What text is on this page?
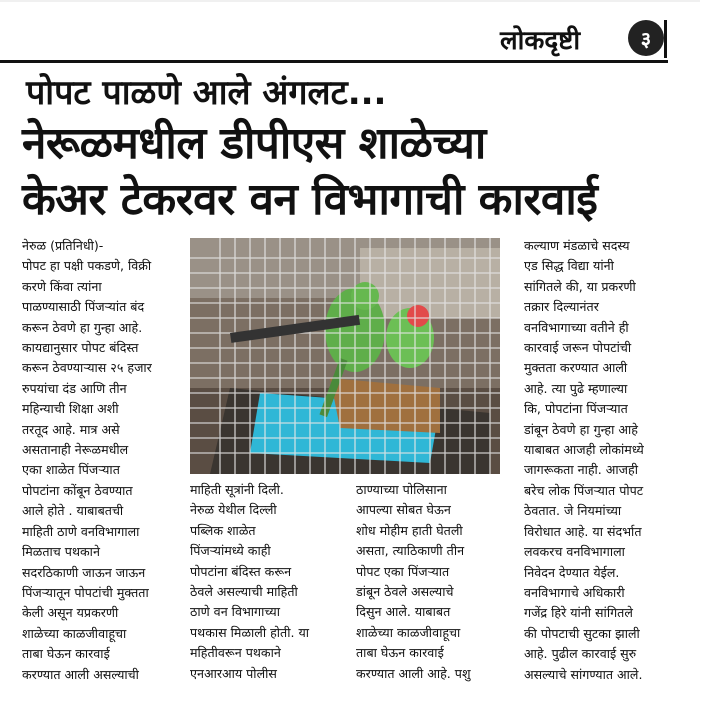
लोकदृष्टी	३
पोपट पाळणे आले अंगलट...
नेरूळमधील डीपीएस शाळेच्या
केअर टेकरवर वन विभागाची कारवाई

नेरुळ (प्रतिनिधी)-

पोपट हा पक्षी पकडणे, विक्री

करणे किंवा त्यांना

पाळण्यासाठी पिंजऱ्यांत बंद

करून ठेवणे हा गुन्हा आहे.

कायद्यानुसार पोपट बंदिस्त

करून ठेवण्याऱ्यास २५ हजार

रुपयांचा दंड आणि तीन

महिन्याची शिक्षा अशी

तरतूद आहे. मात्र असे

असतानाही नेरूळमधील

एका शाळेत पिंजऱ्यात

पोपटांना कोंबून ठेवण्यात

आले होते . याबाबतची

माहिती ठाणे वनविभागाला

मिळताच पथकाने

सदरठिकाणी जाऊन जाऊन

पिंजऱ्यातून पोपटांची मुक्तता

केली असून यप्रकरणी

शाळेच्या काळजीवाहूचा

ताबा घेऊन कारवाई

करण्यात आली असल्याची

माहिती सूत्रांनी दिली.

नेरुळ येथील दिल्ली

पब्लिक शाळेत

पिंजऱ्यांमध्ये काही

पोपटांना बंदिस्त करून

ठेवले असल्याची माहिती

ठाणे वन विभागाच्या

पथकास मिळाली होती. या

महितीवरून पथकाने

एनआरआय पोलीस

ठाण्याच्या पोलिसाना

आपल्या सोबत घेऊन

शोध मोहीम हाती घेतली

असता, त्याठिकाणी तीन

पोपट एका पिंजऱ्यात

डांबून ठेवले असल्याचे

दिसुन आले. याबाबत

शाळेच्या काळजीवाहूचा

ताबा घेऊन कारवाई

करण्यात आली आहे. पशु

कल्याण मंडळाचे सदस्य

एड सिद्ध विद्या यांनी

सांगितले की, या प्रकरणी

तक्रार दिल्यानंतर

वनविभागाच्या वतीने ही

कारवाई जरून पोपटांची

मुक्तता करण्यात आली

आहे. त्या पुढे म्हणाल्या

कि, पोपटांना पिंजऱ्यात

डांबून ठेवणे हा गुन्हा आहे

याबाबत आजही लोकांमध्ये

जागरूकता नाही. आजही

बरेच लोक पिंजऱ्यात पोपट

ठेवतात. जे नियमांच्या

विरोधात आहे. या संदर्भात

लवकरच वनविभागाला

निवेदन देण्यात येईल.

वनविभागाचे अधिकारी

गजेंद्र हिरे यांनी सांगितले

की पोपटाची सुटका झाली

आहे. पुढील कारवाई सुरु

असल्याचे सांगण्यात आले.
